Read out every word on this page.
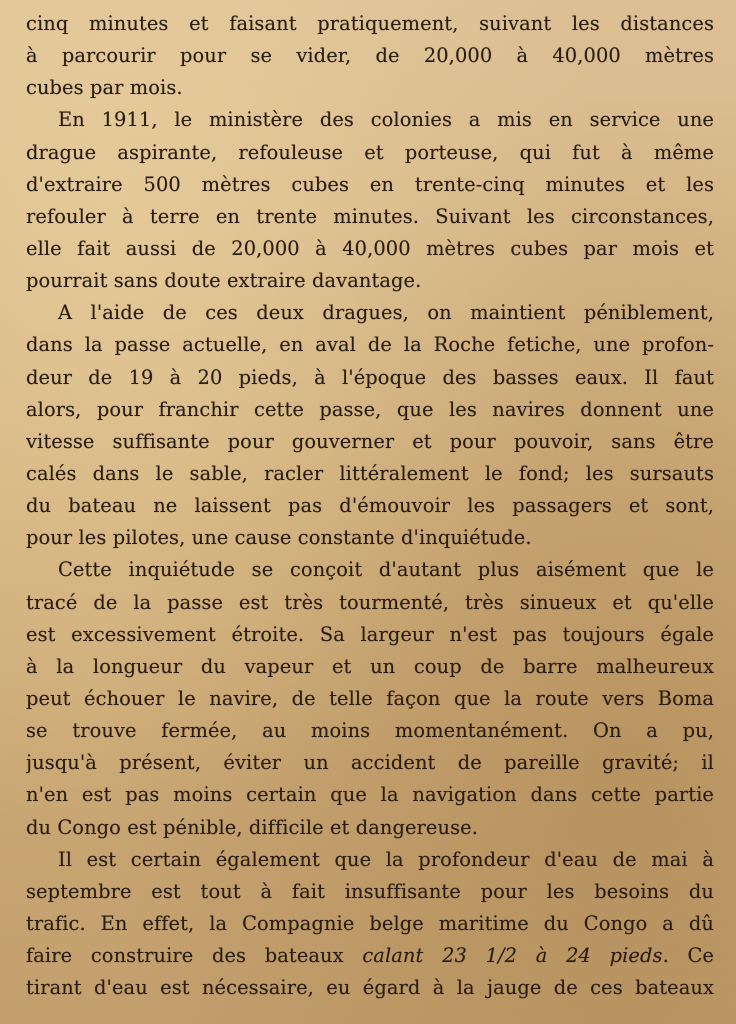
cinq minutes et faisant pratiquement, suivant les distances
à parcourir pour se vider, de 20,000 à 40,000 mètres
cubes par mois.
En 1911, le ministère des colonies a mis en service une
drague aspirante, refouleuse et porteuse, qui fut à même
d'extraire 500 mètres cubes en trente-cinq minutes et les
refouler à terre en trente minutes. Suivant les circonstances,
elle fait aussi de 20,000 à 40,000 mètres cubes par mois et
pourrait sans doute extraire davantage.
A l'aide de ces deux dragues, on maintient péniblement,
dans la passe actuelle, en aval de la Roche fetiche, une profon-
deur de 19 à 20 pieds, à l'époque des basses eaux. Il faut
alors, pour franchir cette passe, que les navires donnent une
vitesse suffisante pour gouverner et pour pouvoir, sans être
calés dans le sable, racler littéralement le fond; les sursauts
du bateau ne laissent pas d'émouvoir les passagers et sont,
pour les pilotes, une cause constante d'inquiétude.
Cette inquiétude se conçoit d'autant plus aisément que le
tracé de la passe est très tourmenté, très sinueux et qu'elle
est excessivement étroite. Sa largeur n'est pas toujours égale
à la longueur du vapeur et un coup de barre malheureux
peut échouer le navire, de telle façon que la route vers Boma
se trouve fermée, au moins momentanément. On a pu,
jusqu'à présent, éviter un accident de pareille gravité; il
n'en est pas moins certain que la navigation dans cette partie
du Congo est pénible, difficile et dangereuse.
Il est certain également que la profondeur d'eau de mai à
septembre est tout à fait insuffisante pour les besoins du
trafic. En effet, la Compagnie belge maritime du Congo a dû
faire construire des bateaux calant 23 1/2 à 24 pieds. Ce
tirant d'eau est nécessaire, eu égard à la jauge de ces bateaux
